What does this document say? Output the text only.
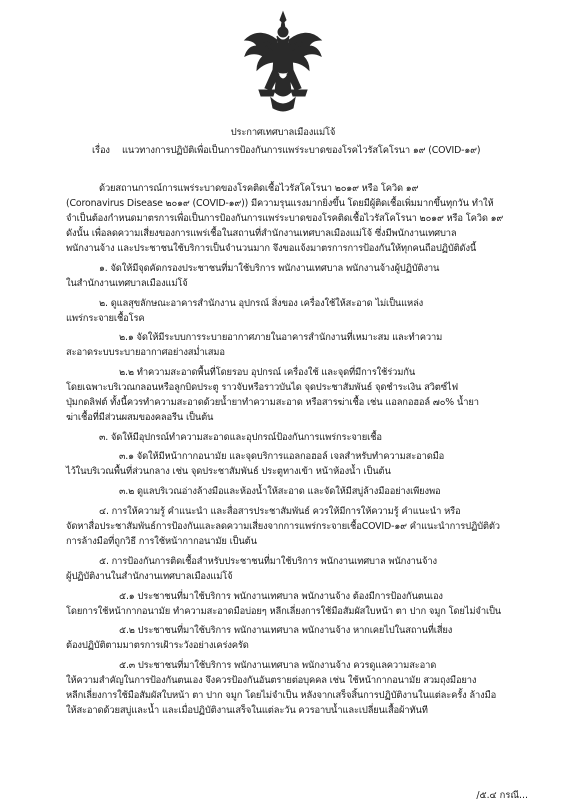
ประกาศเทศบาลเมืองแม่โจ้
เรื่อง แนวทางการปฏิบัติเพื่อเป็นการป้องกันการแพร่ระบาดของโรคไวรัสโคโรนา ๑๙ (COVID-๑๙)
ด้วยสถานการณ์การแพร่ระบาดของโรคติดเชื้อไวรัสโคโรนา ๒๐๑๙ หรือ โควิด ๑๙
(Coronavirus Disease ๒๐๑๙ (COVID-๑๙)) มีความรุนแรงมากยิ่งขึ้น โดยมีผู้ติดเชื้อเพิ่มมากขึ้นทุกวัน ทำให้
จำเป็นต้องกำหนดมาตรการเพื่อเป็นการป้องกันการแพร่ระบาดของโรคติดเชื้อไวรัสโคโรนา ๒๐๑๙ หรือ โควิด ๑๙
ดังนั้น เพื่อลดความเสี่ยงของการแพร่เชื้อในสถานที่สำนักงานเทศบาลเมืองแม่โจ้ ซึ่งมีพนักงานเทศบาล
พนักงานจ้าง และประชาชนใช้บริการเป็นจำนวนมาก จึงขอแจ้งมาตรการการป้องกันให้ทุกคนถือปฏิบัติดังนี้
๑. จัดให้มีจุดคัดกรองประชาชนที่มาใช้บริการ พนักงานเทศบาล พนักงานจ้างผู้ปฏิบัติงาน
ในสำนักงานเทศบาลเมืองแม่โจ้
๒. ดูแลสุขลักษณะอาคารสำนักงาน อุปกรณ์ สิ่งของ เครื่องใช้ให้สะอาด ไม่เป็นแหล่ง
แพร่กระจายเชื้อโรค
๒.๑ จัดให้มีระบบการระบายอากาศภายในอาคารสำนักงานที่เหมาะสม และทำความ
สะอาดระบบระบายอากาศอย่างสม่ำเสมอ
๒.๒ ทำความสะอาดพื้นที่โดยรอบ อุปกรณ์ เครื่องใช้ และจุดที่มีการใช้ร่วมกัน
โดยเฉพาะบริเวณกลอนหรือลูกบิดประตู ราวจับหรือราวบันได จุดประชาสัมพันธ์ จุดชำระเงิน สวิตซ์ไฟ
ปุ่มกดลิฟต์ ทั้งนี้ควรทำความสะอาดด้วยน้ำยาทำความสะอาด หรือสารฆ่าเชื้อ เช่น แอลกอฮอล์ ๗๐% น้ำยา
ฆ่าเชื้อที่มีส่วนผสมของคลอรีน เป็นต้น
๓. จัดให้มีอุปกรณ์ทำความสะอาดและอุปกรณ์ป้องกันการแพร่กระจายเชื้อ
๓.๑ จัดให้มีหน้ากากอนามัย และจุดบริการแอลกอฮอล์ เจลสำหรับทำความสะอาดมือ
ไว้ในบริเวณพื้นที่ส่วนกลาง เช่น จุดประชาสัมพันธ์ ประตูทางเข้า หน้าห้องน้ำ เป็นต้น
๓.๒ ดูแลบริเวณอ่างล้างมือและห้องน้ำให้สะอาด และจัดให้มีสบู่ล้างมืออย่างเพียงพอ
๔. การให้ความรู้ คำแนะนำ และสื่อสารประชาสัมพันธ์ ควรให้มีการให้ความรู้ คำแนะนำ หรือ
จัดหาสื่อประชาสัมพันธ์การป้องกันและลดความเสี่ยงจากการแพร่กระจายเชื้อCOVID-๑๙ คำแนะนำการปฏิบัติตัว
การล้างมือที่ถูกวิธี การใช้หน้ากากอนามัย เป็นต้น
๕. การป้องกันการติดเชื้อสำหรับประชาชนที่มาใช้บริการ พนักงานเทศบาล พนักงานจ้าง
ผู้ปฏิบัติงานในสำนักงานเทศบาลเมืองแม่โจ้
๕.๑ ประชาชนที่มาใช้บริการ พนักงานเทศบาล พนักงานจ้าง ต้องมีการป้องกันตนเอง
โดยการใช้หน้ากากอนามัย ทำความสะอาดมือบ่อยๆ หลีกเลี่ยงการใช้มือสัมผัสใบหน้า ตา ปาก จมูก โดยไม่จำเป็น
๕.๒ ประชาชนที่มาใช้บริการ พนักงานเทศบาล พนักงานจ้าง หากเคยไปในสถานที่เสี่ยง
ต้องปฏิบัติตามมาตรการเฝ้าระวังอย่างเคร่งครัด
๕.๓ ประชาชนที่มาใช้บริการ พนักงานเทศบาล พนักงานจ้าง ควรดูแลความสะอาด
ให้ความสำคัญในการป้องกันตนเอง จึงควรป้องกันอันตรายต่อบุคคล เช่น ใช้หน้ากากอนามัย สวมถุงมือยาง
หลีกเลี่ยงการใช้มือสัมผัสใบหน้า ตา ปาก จมูก โดยไม่จำเป็น หลังจากเสร็จสิ้นการปฏิบัติงานในแต่ละครั้ง ล้างมือ
ให้สะอาดด้วยสบู่และน้ำ และเมื่อปฏิบัติงานเสร็จในแต่ละวัน ควรอาบน้ำและเปลี่ยนเสื้อผ้าทันที
/๕.๔ กรณี...
